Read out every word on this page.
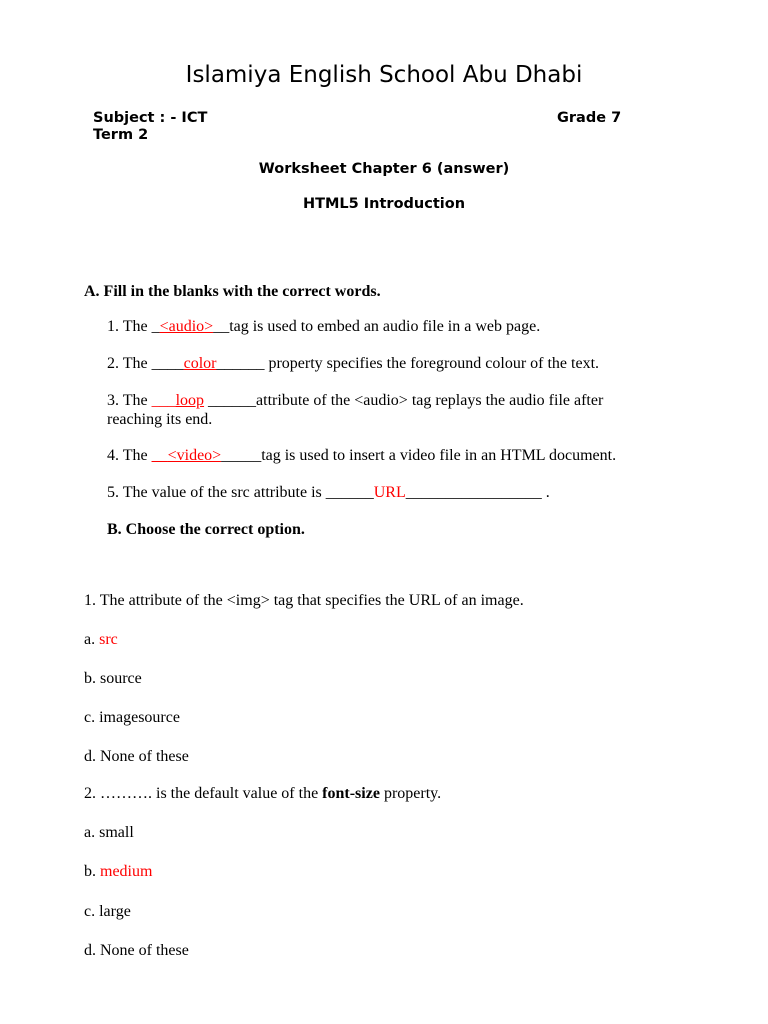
Islamiya English School Abu Dhabi
Subject : - ICT	Grade 7
Term 2
Worksheet Chapter 6 (answer)
HTML5 Introduction
A. Fill in the blanks with the correct words.
1. The _<audio>__tag is used to embed an audio file in a web page.
2. The ____color______ property specifies the foreground colour of the text.
3. The ___loop ______attribute of the <audio> tag replays the audio file after
reaching its end.
4. The __<video>_____tag is used to insert a video file in an HTML document.
5. The value of the src attribute is ______URL_________________ .
B. Choose the correct option.
1. The attribute of the <img> tag that specifies the URL of an image.
a. src
b. source
c. imagesource
d. None of these
2. ………. is the default value of the font-size property.
a. small
b. medium
c. large
d. None of these
